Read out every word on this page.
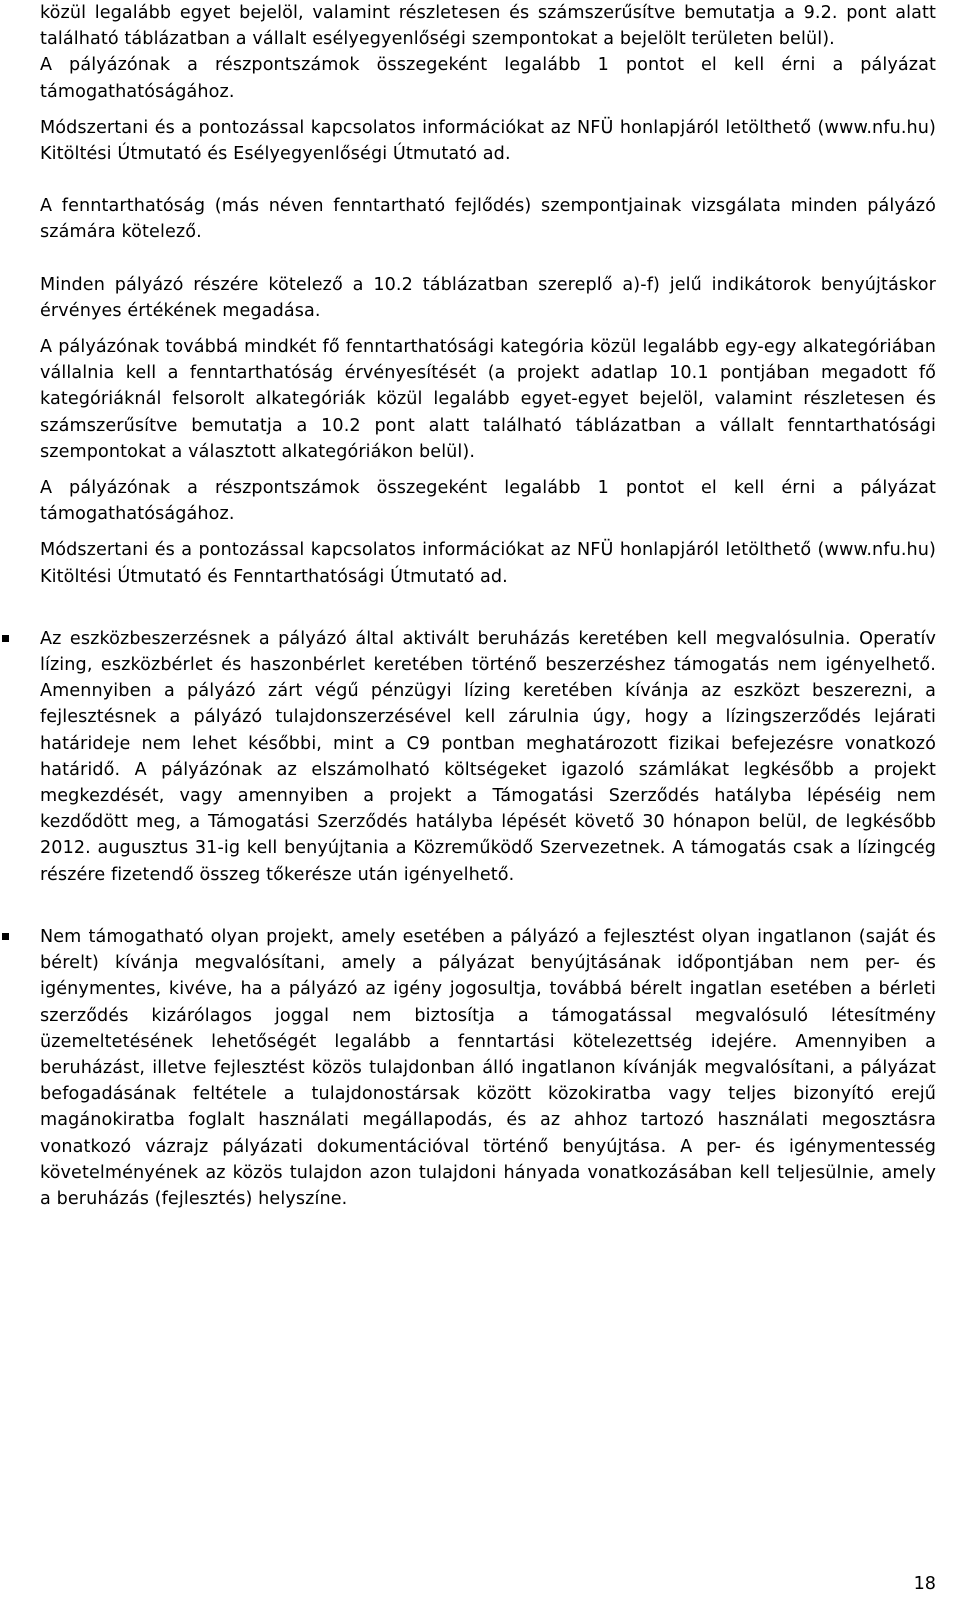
közül legalább egyet bejelöl, valamint részletesen és számszerűsítve bemutatja a 9.2. pont alatt található táblázatban a vállalt esélyegyenlőségi szempontokat a bejelölt területen belül).

A pályázónak a részpontszámok összegeként legalább 1 pontot el kell érni a pályázat támogathatóságához.

Módszertani és a pontozással kapcsolatos információkat az NFÜ honlapjáról letölthető (www.nfu.hu) Kitöltési Útmutató és Esélyegyenlőségi Útmutató ad.

A fenntarthatóság (más néven fenntartható fejlődés) szempontjainak vizsgálata minden pályázó számára kötelező.

Minden pályázó részére kötelező a 10.2 táblázatban szereplő a)-f) jelű indikátorok benyújtáskor érvényes értékének megadása.

A pályázónak továbbá mindkét fő fenntarthatósági kategória közül legalább egy-egy alkategóriában vállalnia kell a fenntarthatóság érvényesítését (a projekt adatlap 10.1 pontjában megadott fő kategóriáknál felsorolt alkategóriák közül legalább egyet-egyet bejelöl, valamint részletesen és számszerűsítve bemutatja a 10.2 pont alatt található táblázatban a vállalt fenntarthatósági szempontokat a választott alkategóriákon belül).

A pályázónak a részpontszámok összegeként legalább 1 pontot el kell érni a pályázat támogathatóságához.

Módszertani és a pontozással kapcsolatos információkat az NFÜ honlapjáról letölthető (www.nfu.hu) Kitöltési Útmutató és Fenntarthatósági Útmutató ad.

Az eszközbeszerzésnek a pályázó által aktivált beruházás keretében kell megvalósulnia. Operatív lízing, eszközbérlet és haszonbérlet keretében történő beszerzéshez támogatás nem igényelhető. Amennyiben a pályázó zárt végű pénzügyi lízing keretében kívánja az eszközt beszerezni, a fejlesztésnek a pályázó tulajdonszerzésével kell zárulnia úgy, hogy a lízingszerződés lejárati határideje nem lehet későbbi, mint a C9 pontban meghatározott fizikai befejezésre vonatkozó határidő. A pályázónak az elszámolható költségeket igazoló számlákat legkésőbb a projekt megkezdését, vagy amennyiben a projekt a Támogatási Szerződés hatályba lépéséig nem kezdődött meg, a Támogatási Szerződés hatályba lépését követő 30 hónapon belül, de legkésőbb 2012. augusztus 31-ig kell benyújtania a Közreműködő Szervezetnek. A támogatás csak a lízingcég részére fizetendő összeg tőkerésze után igényelhető.

Nem támogatható olyan projekt, amely esetében a pályázó a fejlesztést olyan ingatlanon (saját és bérelt) kívánja megvalósítani, amely a pályázat benyújtásának időpontjában nem per- és igénymentes, kivéve, ha a pályázó az igény jogosultja, továbbá bérelt ingatlan esetében a bérleti szerződés kizárólagos joggal nem biztosítja a támogatással megvalósuló létesítmény üzemeltetésének lehetőségét legalább a fenntartási kötelezettség idejére. Amennyiben a beruházást, illetve fejlesztést közös tulajdonban álló ingatlanon kívánják megvalósítani, a pályázat befogadásának feltétele a tulajdonostársak között közokiratba vagy teljes bizonyító erejű magánokiratba foglalt használati megállapodás, és az ahhoz tartozó használati megosztásra vonatkozó vázrajz pályázati dokumentációval történő benyújtása. A per- és igénymentesség követelményének az közös tulajdon azon tulajdoni hányada vonatkozásában kell teljesülnie, amely a beruházás (fejlesztés) helyszíne.

18
